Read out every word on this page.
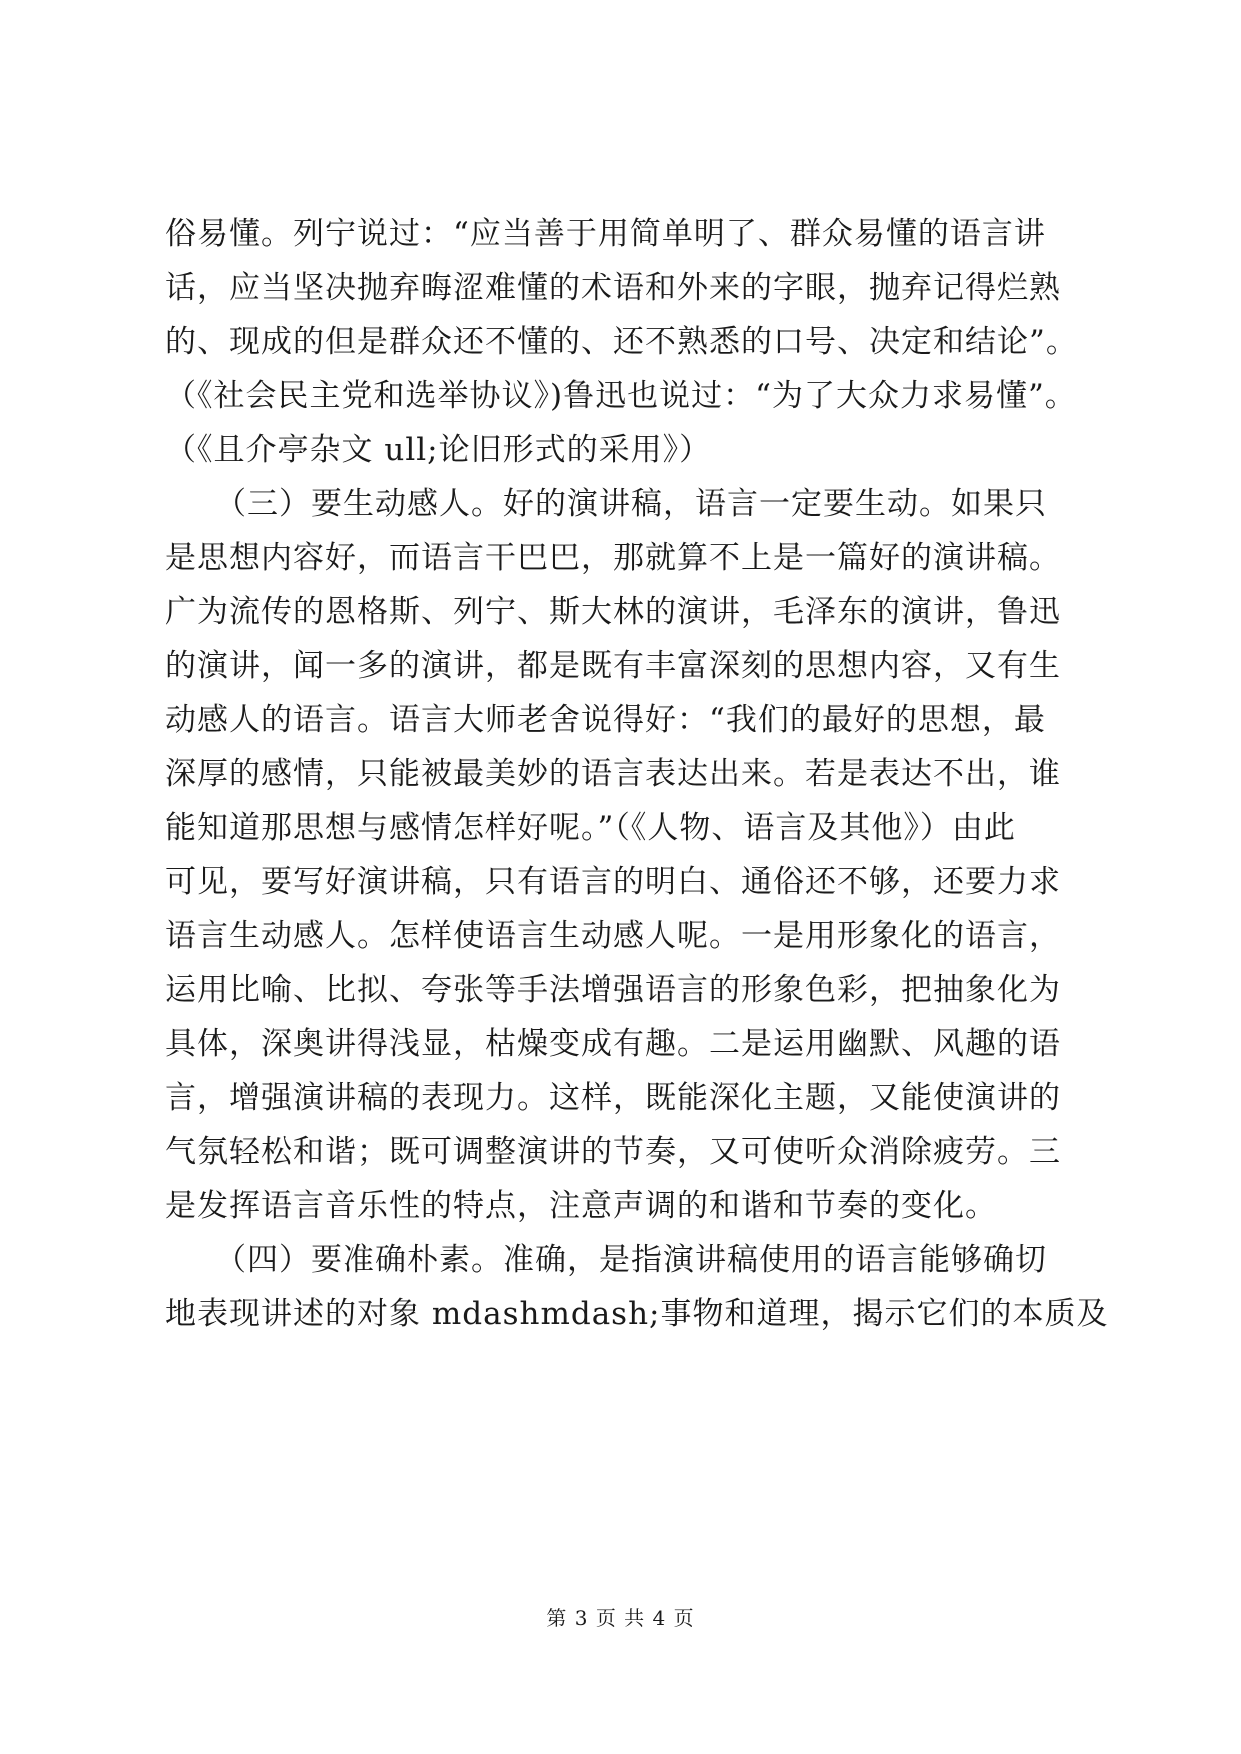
俗易懂。列宁说过：“应当善于用简单明了、群众易懂的语言讲
话，应当坚决抛弃晦涩难懂的术语和外来的字眼，抛弃记得烂熟
的、现成的但是群众还不懂的、还不熟悉的口号、决定和结论”。
（《社会民主党和选举协议》)鲁迅也说过：“为了大众力求易懂”。
（《且介亭杂文 ull;论旧形式的采用》）
（三）要生动感人。好的演讲稿，语言一定要生动。如果只
是思想内容好，而语言干巴巴，那就算不上是一篇好的演讲稿。
广为流传的恩格斯、列宁、斯大林的演讲，毛泽东的演讲，鲁迅
的演讲，闻一多的演讲，都是既有丰富深刻的思想内容，又有生
动感人的语言。语言大师老舍说得好：“我们的最好的思想，最
深厚的感情，只能被最美妙的语言表达出来。若是表达不出，谁
能知道那思想与感情怎样好呢。”（《人物、语言及其他》）由此
可见，要写好演讲稿，只有语言的明白、通俗还不够，还要力求
语言生动感人。怎样使语言生动感人呢。一是用形象化的语言，
运用比喻、比拟、夸张等手法增强语言的形象色彩，把抽象化为
具体，深奥讲得浅显，枯燥变成有趣。二是运用幽默、风趣的语
言，增强演讲稿的表现力。这样，既能深化主题，又能使演讲的
气氛轻松和谐；既可调整演讲的节奏，又可使听众消除疲劳。三
是发挥语言音乐性的特点，注意声调的和谐和节奏的变化。
（四）要准确朴素。准确，是指演讲稿使用的语言能够确切
地表现讲述的对象 mdashmdash;事物和道理，揭示它们的本质及
第 3 页 共 4 页
